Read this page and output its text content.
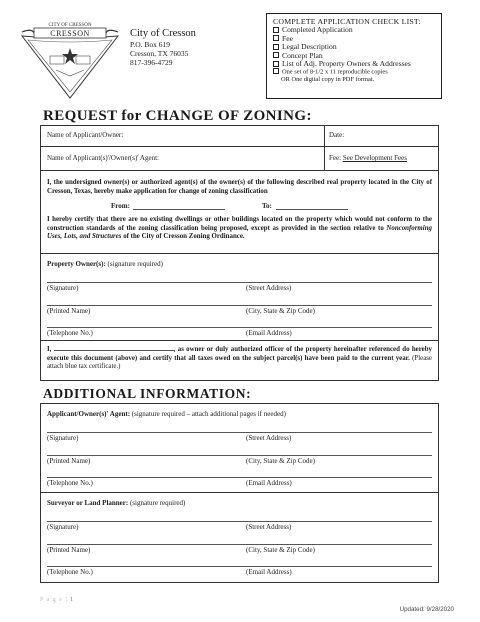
CITY OF CRESSON
CRESSON	City of Cresson
P.O. Box 619
Cresson, TX 76035
817-396-4729
COMPLETE APPLICATION CHECK LIST:
Completed Application
Fee
Legal Description
Concept Plan
List of Adj. Property Owners & Addresses
One set of 8-1/2 x 11 reproducible copies
OR One digital copy in PDF format.
REQUEST for CHANGE OF ZONING:
Name of Applicant/Owner:	Date:
Name of Applicant(s)'/Owner(s)' Agent:	Fee: See Development Fees
I, the undersigned owner(s) or authorized agent(s) of the owner(s) of the following described real property located in the City of Cresson, Texas, hereby make application for change of zoning classification
From:	To:
I hereby certify that there are no existing dwellings or other buildings located on the property which would not conform to the construction standards of the zoning classification being proposed, except as provided in the section relative to Nonconforming Uses, Lots, and Structures of the City of Cresson Zoning Ordinance.
Property Owner(s): (signature required)
(Signature)	(Street Address)
(Printed Name)	(City, State & Zip Code)
(Telephone No.)	(Email Address)
I,	, as owner or duly authorized officer of the property hereinafter referenced do hereby execute this document (above) and certify that all taxes owed on the subject parcel(s) have been paid to the current year. (Please attach blue tax certificate.)
ADDITIONAL INFORMATION:
Applicant/Owner(s)' Agent: (signature required – attach additional pages if needed)
(Signature)	(Street Address)
(Printed Name)	(City, State & Zip Code)
(Telephone No.)	(Email Address)
Surveyor or Land Planner: (signature required)
(Signature)	(Street Address)
(Printed Name)	(City, State & Zip Code)
(Telephone No.)	(Email Address)
P a g e | 1
Updated: 9/28/2020
